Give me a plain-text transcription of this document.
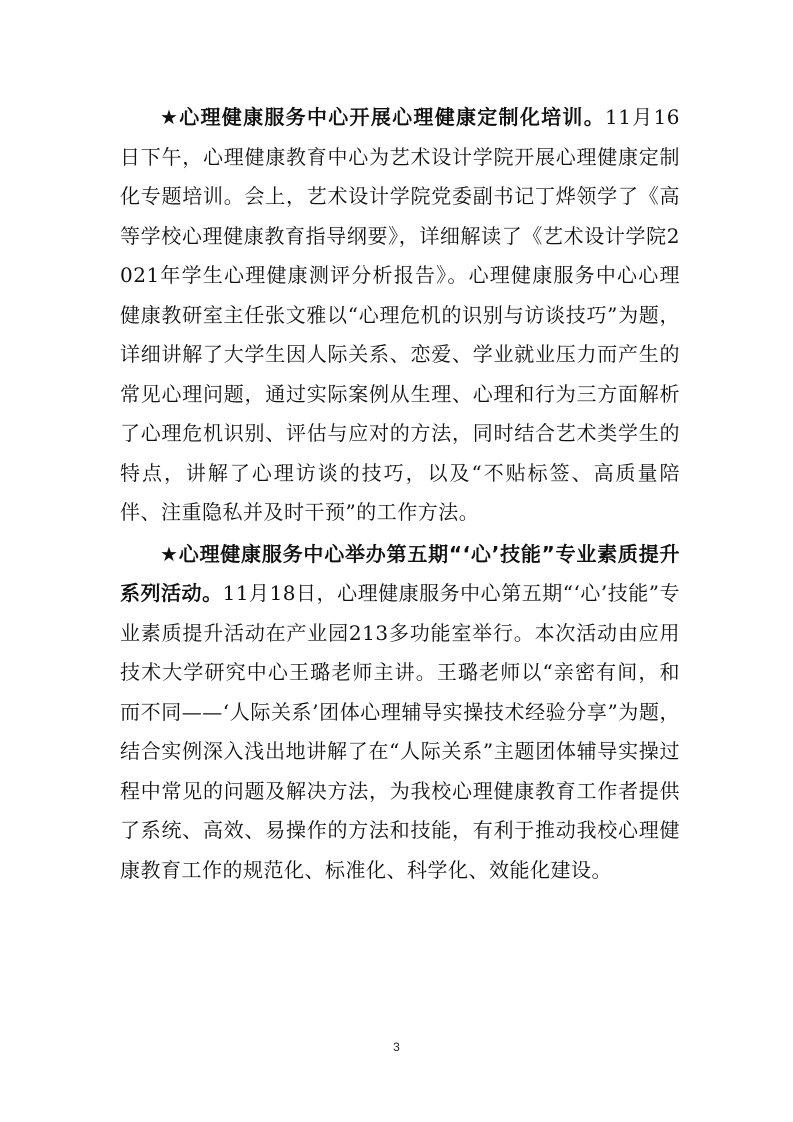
★心理健康服务中心开展心理健康定制化培训。11月16日下午，心理健康教育中心为艺术设计学院开展心理健康定制化专题培训。会上，艺术设计学院党委副书记丁烨领学了《高等学校心理健康教育指导纲要》，详细解读了《艺术设计学院2021年学生心理健康测评分析报告》。心理健康服务中心心理健康教研室主任张文雅以“心理危机的识别与访谈技巧”为题，详细讲解了大学生因人际关系、恋爱、学业就业压力而产生的常见心理问题，通过实际案例从生理、心理和行为三方面解析了心理危机识别、评估与应对的方法，同时结合艺术类学生的特点，讲解了心理访谈的技巧，以及“不贴标签、高质量陪伴、注重隐私并及时干预”的工作方法。

★心理健康服务中心举办第五期“‘心’技能”专业素质提升系列活动。11月18日，心理健康服务中心第五期“‘心’技能”专业素质提升活动在产业园213多功能室举行。本次活动由应用技术大学研究中心王璐老师主讲。王璐老师以“亲密有间，和而不同——‘人际关系’团体心理辅导实操技术经验分享”为题，结合实例深入浅出地讲解了在“人际关系”主题团体辅导实操过程中常见的问题及解决方法，为我校心理健康教育工作者提供了系统、高效、易操作的方法和技能，有利于推动我校心理健康教育工作的规范化、标准化、科学化、效能化建设。

3
